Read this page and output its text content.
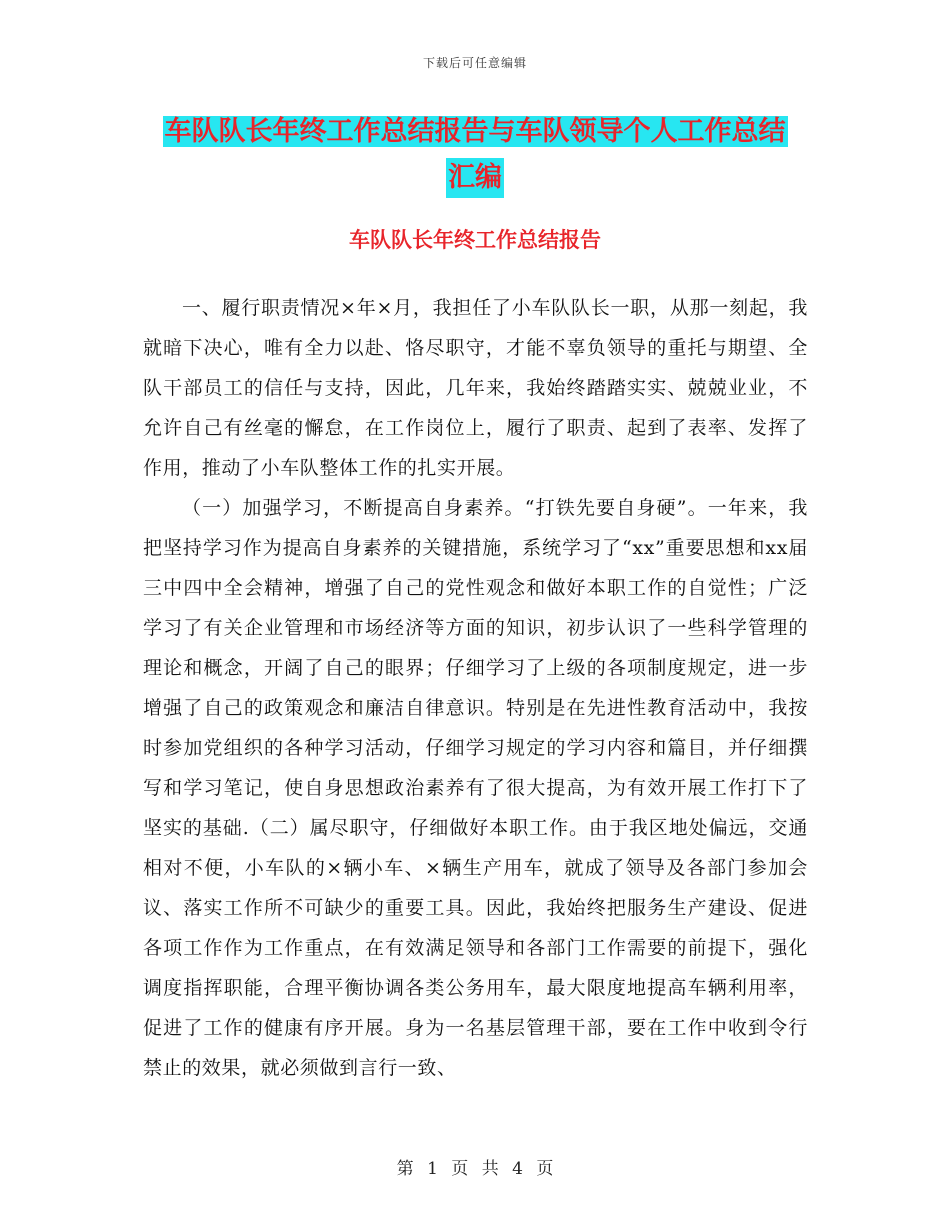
下载后可任意编辑
车队队长年终工作总结报告与车队领导个人工作总结
汇编
车队队长年终工作总结报告

一、履行职责情况×年×月，我担任了小车队队长一职，从那一刻起，我就暗下决心，唯有全力以赴、恪尽职守，才能不辜负领导的重托与期望、全队干部员工的信任与支持，因此，几年来，我始终踏踏实实、兢兢业业，不允许自己有丝毫的懈怠，在工作岗位上，履行了职责、起到了表率、发挥了作用，推动了小车队整体工作的扎实开展。

（一）加强学习，不断提高自身素养。“打铁先要自身硬”。一年来，我把坚持学习作为提高自身素养的关键措施，系统学习了“xx”重要思想和xx届三中四中全会精神，增强了自己的党性观念和做好本职工作的自觉性；广泛学习了有关企业管理和市场经济等方面的知识，初步认识了一些科学管理的理论和概念，开阔了自己的眼界；仔细学习了上级的各项制度规定，进一步增强了自己的政策观念和廉洁自律意识。特别是在先进性教育活动中，我按时参加党组织的各种学习活动，仔细学习规定的学习内容和篇目，并仔细撰写和学习笔记，使自身思想政治素养有了很大提高，为有效开展工作打下了坚实的基础.（二）属尽职守，仔细做好本职工作。由于我区地处偏远，交通相对不便，小车队的×辆小车、×辆生产用车，就成了领导及各部门参加会议、落实工作所不可缺少的重要工具。因此，我始终把服务生产建设、促进各项工作作为工作重点，在有效满足领导和各部门工作需要的前提下，强化调度指挥职能，合理平衡协调各类公务用车，最大限度地提高车辆利用率，促进了工作的健康有序开展。身为一名基层管理干部，要在工作中收到令行禁止的效果，就必须做到言行一致、

第 1 页 共 4 页
